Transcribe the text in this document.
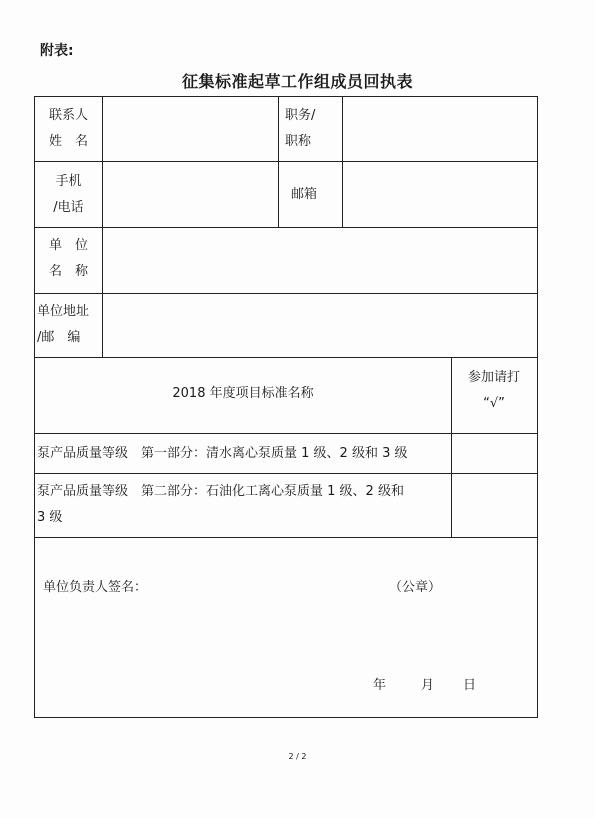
附表:
征集标准起草工作组成员回执表
联系人
姓　名
职务/
职称
手机
/电话
邮箱
单　位
名　称
单位地址
/邮　编
2018 年度项目标准名称
参加请打
“√”
泵产品质量等级　第一部分：清水离心泵质量 1 级、2 级和 3 级
泵产品质量等级　第二部分：石油化工离心泵质量 1 级、2 级和
3 级
单位负责人签名：	（公章）
年	月 日
2 / 2
